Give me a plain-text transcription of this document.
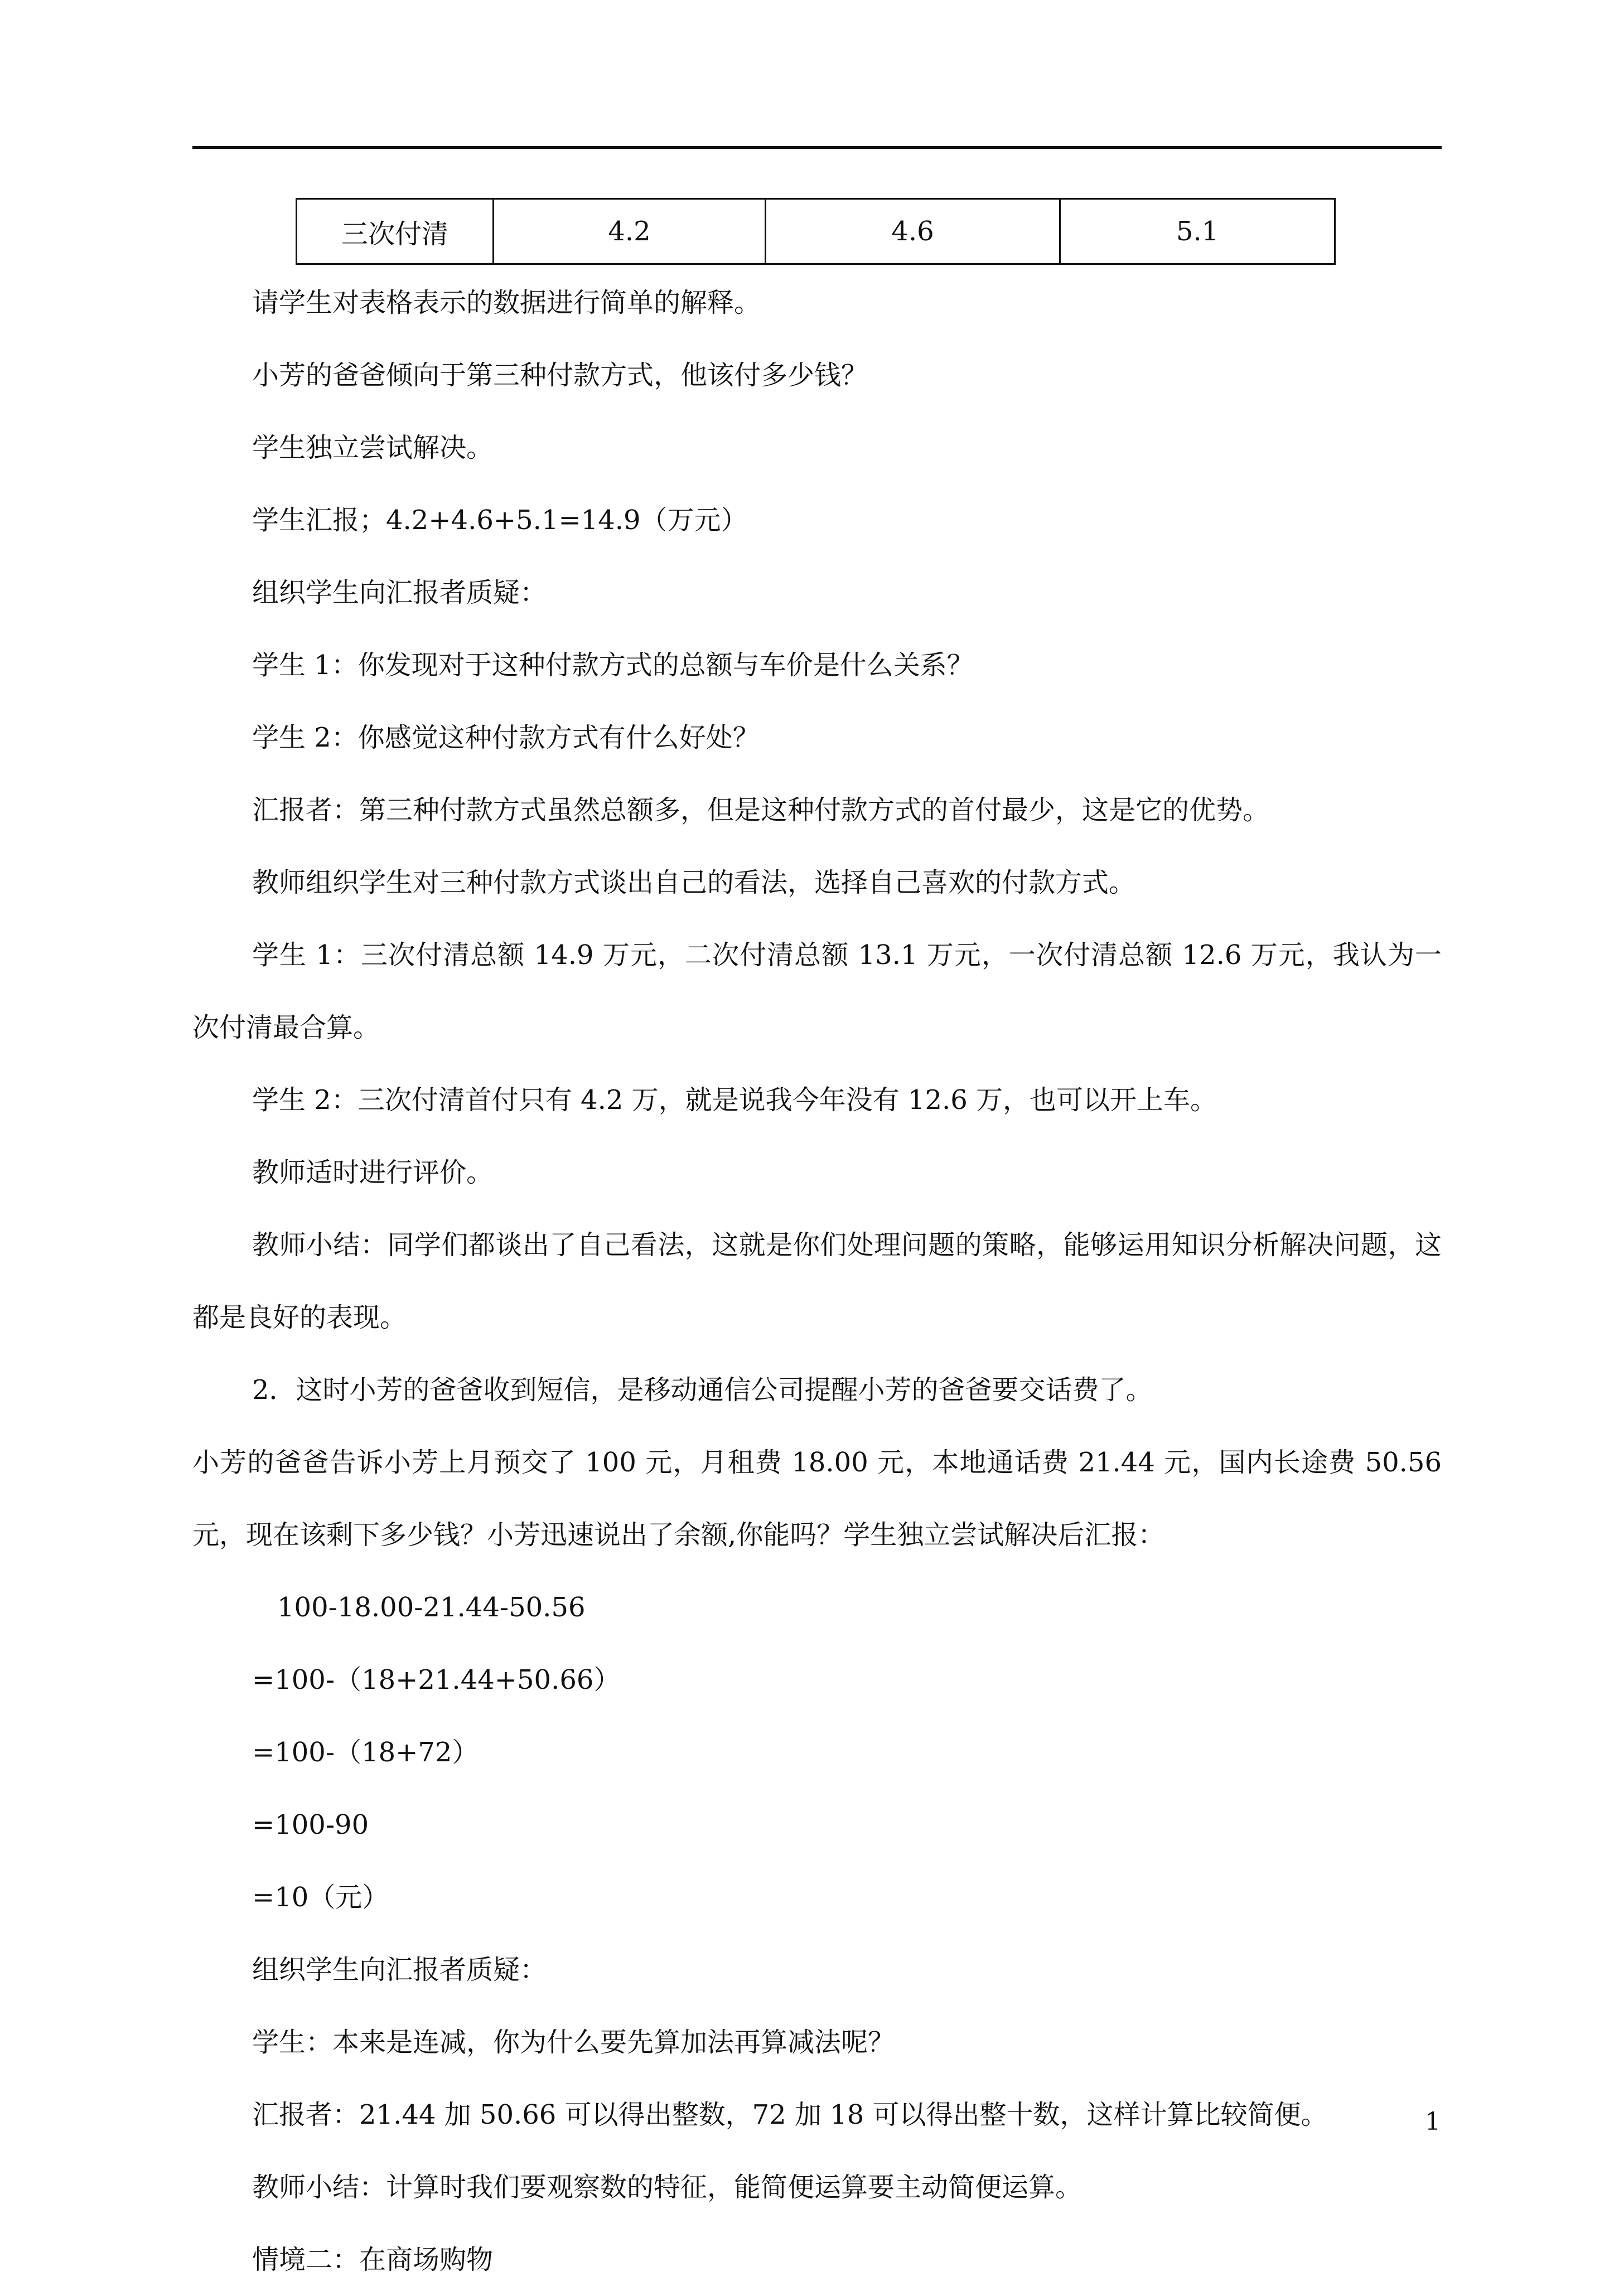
三次付清	4.2	4.6	5.1

请学生对表格表示的数据进行简单的解释。

小芳的爸爸倾向于第三种付款方式，他该付多少钱？

学生独立尝试解决。

学生汇报；4.2+4.6+5.1=14.9（万元）

组织学生向汇报者质疑：

学生 1：你发现对于这种付款方式的总额与车价是什么关系？

学生 2：你感觉这种付款方式有什么好处？

汇报者：第三种付款方式虽然总额多，但是这种付款方式的首付最少，这是它的优势。

教师组织学生对三种付款方式谈出自己的看法，选择自己喜欢的付款方式。

学生 1：三次付清总额 14.9 万元，二次付清总额 13.1 万元，一次付清总额 12.6 万元，我认为一次付清最合算。

学生 2：三次付清首付只有 4.2 万，就是说我今年没有 12.6 万，也可以开上车。

教师适时进行评价。

教师小结：同学们都谈出了自己看法，这就是你们处理问题的策略，能够运用知识分析解决问题，这都是良好的表现。

2．这时小芳的爸爸收到短信，是移动通信公司提醒小芳的爸爸要交话费了。

小芳的爸爸告诉小芳上月预交了 100 元，月租费 18.00 元，本地通话费 21.44 元，国内长途费 50.56 元，现在该剩下多少钱？小芳迅速说出了余额,你能吗？学生独立尝试解决后汇报：

100-18.00-21.44-50.56

=100-（18+21.44+50.66）

=100-（18+72）

=100-90

=10（元）

组织学生向汇报者质疑：

学生：本来是连减，你为什么要先算加法再算减法呢？

汇报者：21.44 加 50.66 可以得出整数，72 加 18 可以得出整十数，这样计算比较简便。

教师小结：计算时我们要观察数的特征，能简便运算要主动简便运算。

情境二：在商场购物

1
